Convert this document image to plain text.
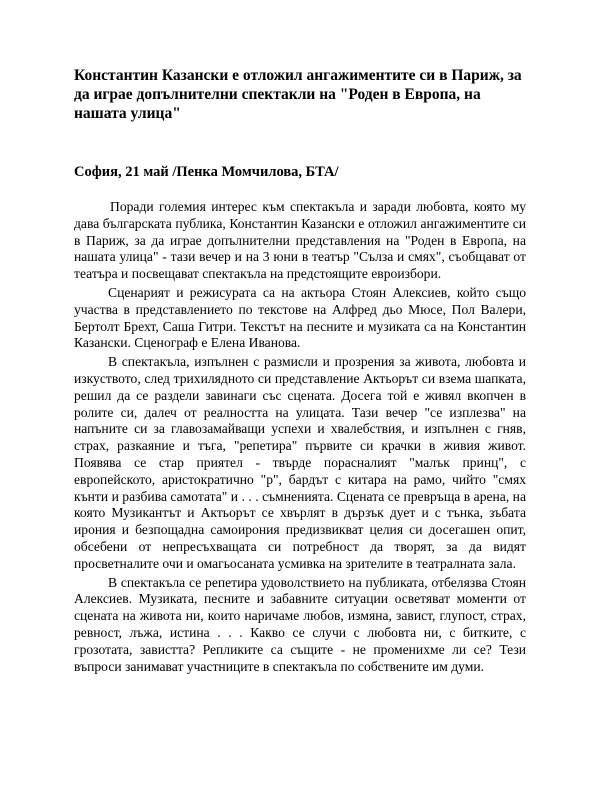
Константин Казански е отложил ангажиментите си в Париж, за да играе допълнителни спектакли на "Роден в Европа, на нашата улица"

София, 21 май /Пенка Момчилова, БТА/

Поради големия интерес към спектакъла и заради любовта, която му дава българската публика, Константин Казански е отложил ангажиментите си в Париж, за да играе допълнителни представления на "Роден в Европа, на нашата улица" - тази вечер и на 3 юни в театър "Сълза и смях", съобщават от театъра и посвещават спектакъла на предстоящите евроизбори.

Сценарият и режисурата са на актьора Стоян Алексиев, който също участва в представлението по текстове на Алфред дьо Мюсе, Пол Валери, Бертолт Брехт, Саша Гитри. Текстът на песните и музиката са на Константин Казански. Сценограф е Елена Иванова.

В спектакъла, изпълнен с размисли и прозрения за живота, любовта и изкуството, след трихилядното си представление Актьорът си взема шапката, решил да се раздели завинаги със сцената. Досега той е живял вкопчен в ролите си, далеч от реалността на улицата. Тази вечер "се изплезва" на напъните си за главозамайващи успехи и хвалебствия, и изпълнен с гняв, страх, разкаяние и тъга, "репетира" първите си крачки в живия живот. Появява се стар приятел - твърде порасналият "малък принц", с европейското, аристократично "р", бардът с китара на рамо, чийто "смях кънти и разбива самотата" и . . . съмненията. Сцената се превръща в арена, на която Музикантът и Актьорът се хвърлят в дързък дует и с тънка, зъбата ирония и безпощадна самоирония предизвикват целия си досегашен опит, обсебени от непресъхващата си потребност да творят, за да видят просветналите очи и омагьосаната усмивка на зрителите в театралната зала.

В спектакъла се репетира удоволствието на публиката, отбелязва Стоян Алексиев. Музиката, песните и забавните ситуации осветяват моменти от сцената на живота ни, които наричаме любов, измяна, завист, глупост, страх, ревност, лъжа, истина . . . Какво се случи с любовта ни, с битките, с грозотата, завистта? Репликите са същите - не променихме ли се? Тези въпроси занимават участниците в спектакъла по собствените им думи.
